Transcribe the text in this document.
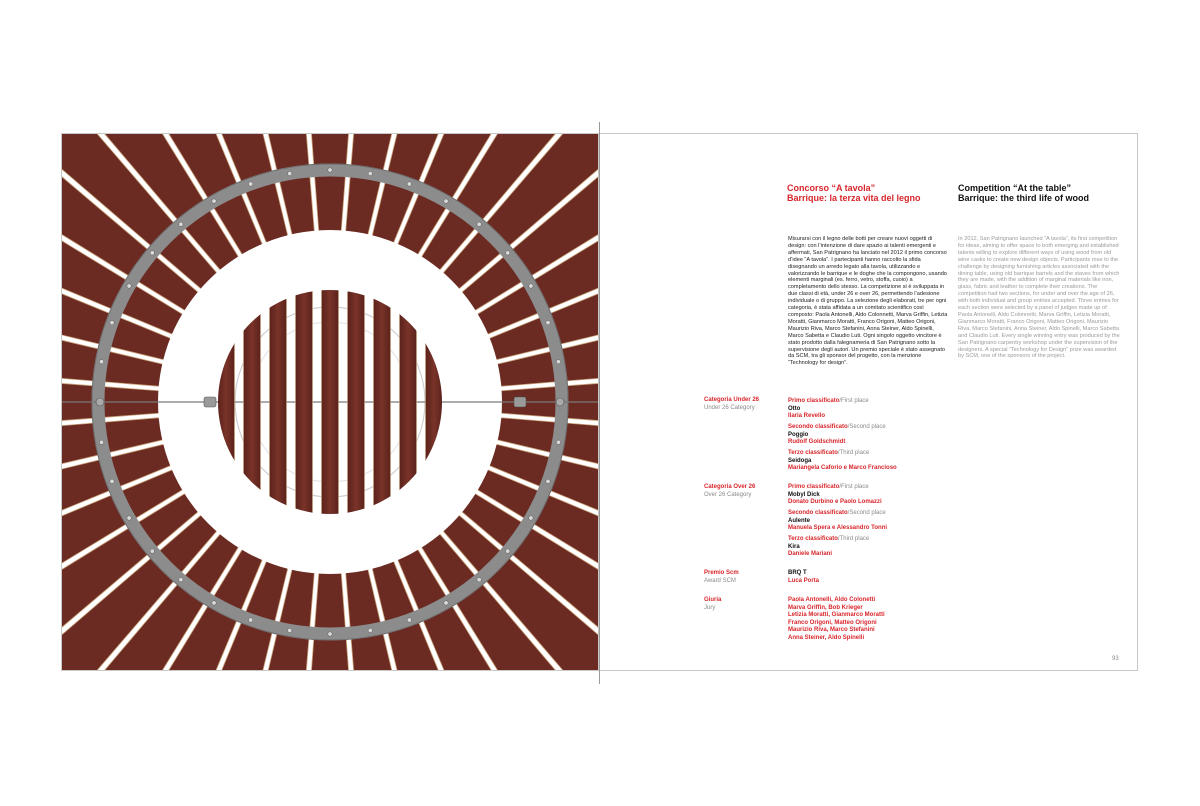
Concorso “A tavola”
Barrique: la terza vita del legno
Competition “At the table”
Barrique: the third life of wood

Misurarsi con il legno delle botti per creare nuovi oggetti di design: con l’intenzione di dare spazio ai talenti emergenti e affermati, San Patrignano ha lanciato nel 2012 il primo concorso d’idee “A tavola”. I partecipanti hanno raccolto la sfida disegnando un arredo legato alla tavola, utilizzando e valorizzando le barrique e le doghe che la compongono, usando elementi marginali (es. ferro, vetro, stoffa, cuoio) a completamento dello stesso. La competizione si è sviluppata in due classi di età, under 26 e over 26, permettendo l’adesione individuale o di gruppo. La selezione degli elaborati, tre per ogni categoria, è stata affidata a un comitato scientifico così composto: Paola Antonelli, Aldo Colonnetti, Marva Griffin, Letizia Moratti, Gianmarco Moratti, Franco Origoni, Matteo Origoni, Maurizio Riva, Marco Stefanini, Anna Steiner, Aldo Spinelli, Marco Sabetta e Claudio Luti. Ogni singolo oggetto vincitore è stato prodotto dalla falegnameria di San Patrignano sotto la supervisione degli autori. Un premio speciale è stato assegnato da SCM, tra gli sponsor del progetto, con la menzione “Technology for design”.

In 2012, San Patrignano launched “A tavola”, its first competition for ideas, aiming to offer space to both emerging and established talents willing to explore different ways of using wood from old wine casks to create new design objects. Participants rose to the challenge by designing furnishing articles associated with the dining table, using old barrique barrels and the staves from which they are made, with the addition of marginal materials like iron, glass, fabric and leather to complete their creations. The competition had two sections, for under and over the age of 26, with both individual and group entries accepted. Three entries for each section were selected by a panel of judges made up of: Paola Antonelli, Aldo Colonnetti, Marva Griffin, Letizia Moratti, Gianmarco Moratti, Franco Origoni, Matteo Origoni, Maurizio Riva, Marco Stefanini, Anna Steiner, Aldo Spinelli, Marco Sabetta and Claudio Luti. Every single winning entry was produced by the San Patrignano carpentry workshop under the supervision of the designers. A special “Technology for Design” prize was awarded by SCM, one of the sponsors of the project.

Categoria Under 26
Under 26 Category
Primo classificato/First place
Otto
Ilaria Revello
Secondo classificato/Second place
Poggio
Rudolf Goldschmidt
Terzo classificato/Third place
Seidoga
Mariangela Caforio e Marco Francioso
Categoria Over 26
Over 26 Category
Primo classificato/First place
Mobyl Dick
Donato Durbino e Paolo Lomazzi
Secondo classificato/Second place
Aulente
Manuela Spera e Alessandro Tonni
Terzo classificato/Third place
Kira
Daniele Mariani
Premio Scm
Award SCM
BRQ T
Luca Porta
Giuria
Jury
Paola Antonelli, Aldo Colonetti
Marva Griffin, Bob Krieger
Letizia Moratti, Gianmarco Moratti
Franco Origoni, Matteo Origoni
Maurizio Riva, Marco Stefanini
Anna Steiner, Aldo Spinelli
93
